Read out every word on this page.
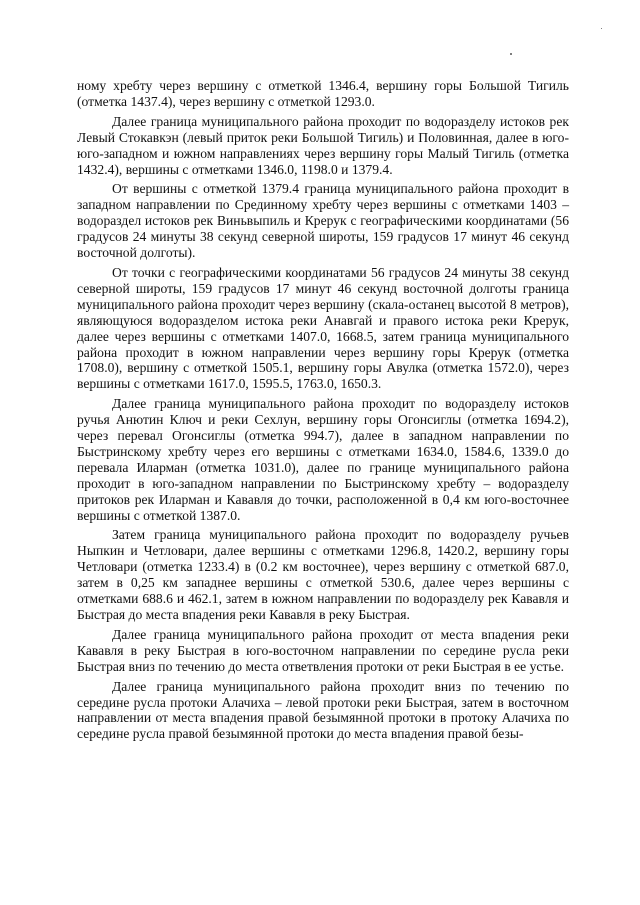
ному хребту через вершину с отметкой 1346.4, вершину горы Большой Тигиль (отметка 1437.4), через вершину с отметкой 1293.0.

Далее граница муниципального района проходит по водоразделу истоков рек Левый Стокавкэн (левый приток реки Большой Тигиль) и Половинная, далее в юго-юго-западном и южном направлениях через вершину горы Малый Тигиль (отметка 1432.4), вершины с отметками 1346.0, 1198.0 и 1379.4.

От вершины с отметкой 1379.4 граница муниципального района проходит в западном направлении по Срединному хребту через вершины с отметками 1403 – водораздел истоков рек Виньвыпиль и Крерук с географическими координатами (56 градусов 24 минуты 38 секунд северной широты, 159 градусов 17 минут 46 секунд восточной долготы).

От точки с географическими координатами 56 градусов 24 минуты 38 секунд северной широты, 159 градусов 17 минут 46 секунд восточной долготы граница муниципального района проходит через вершину (скала-останец высотой 8 метров), являющуюся водоразделом истока реки Анавгай и правого истока реки Крерук, далее через вершины с отметками 1407.0, 1668.5, затем граница муниципального района проходит в южном направлении через вершину горы Крерук (отметка 1708.0), вершину с отметкой 1505.1, вершину горы Авулка (отметка 1572.0), через вершины с отметками 1617.0, 1595.5, 1763.0, 1650.3.

Далее граница муниципального района проходит по водоразделу истоков ручья Анютин Ключ и реки Сехлун, вершину горы Огонсиглы (отметка 1694.2), через перевал Огонсиглы (отметка 994.7), далее в западном направлении по Быстринскому хребту через его вершины с отметками 1634.0, 1584.6, 1339.0 до перевала Иларман (отметка 1031.0), далее по границе муниципального района проходит в юго-западном направлении по Быстринскому хребту – водоразделу притоков рек Иларман и Кававля до точки, расположенной в 0,4 км юго-восточнее вершины с отметкой 1387.0.

Затем граница муниципального района проходит по водоразделу ручьев Ныпкин и Четловари, далее вершины с отметками 1296.8, 1420.2, вершину горы Четловари (отметка 1233.4) в (0.2 км восточнее), через вершину с отметкой 687.0, затем в 0,25 км западнее вершины с отметкой 530.6, далее через вершины с отметками 688.6 и 462.1, затем в южном направлении по водоразделу рек Кававля и Быстрая до места впадения реки Кававля в реку Быстрая.

Далее граница муниципального района проходит от места впадения реки Кававля в реку Быстрая в юго-восточном направлении по середине русла реки Быстрая вниз по течению до места ответвления протоки от реки Быстрая в ее устье.

Далее граница муниципального района проходит вниз по течению по середине русла протоки Алачиха – левой протоки реки Быстрая, затем в восточном направлении от места впадения правой безымянной протоки в протоку Алачиха по середине русла правой безымянной протоки до места впадения правой безы-
